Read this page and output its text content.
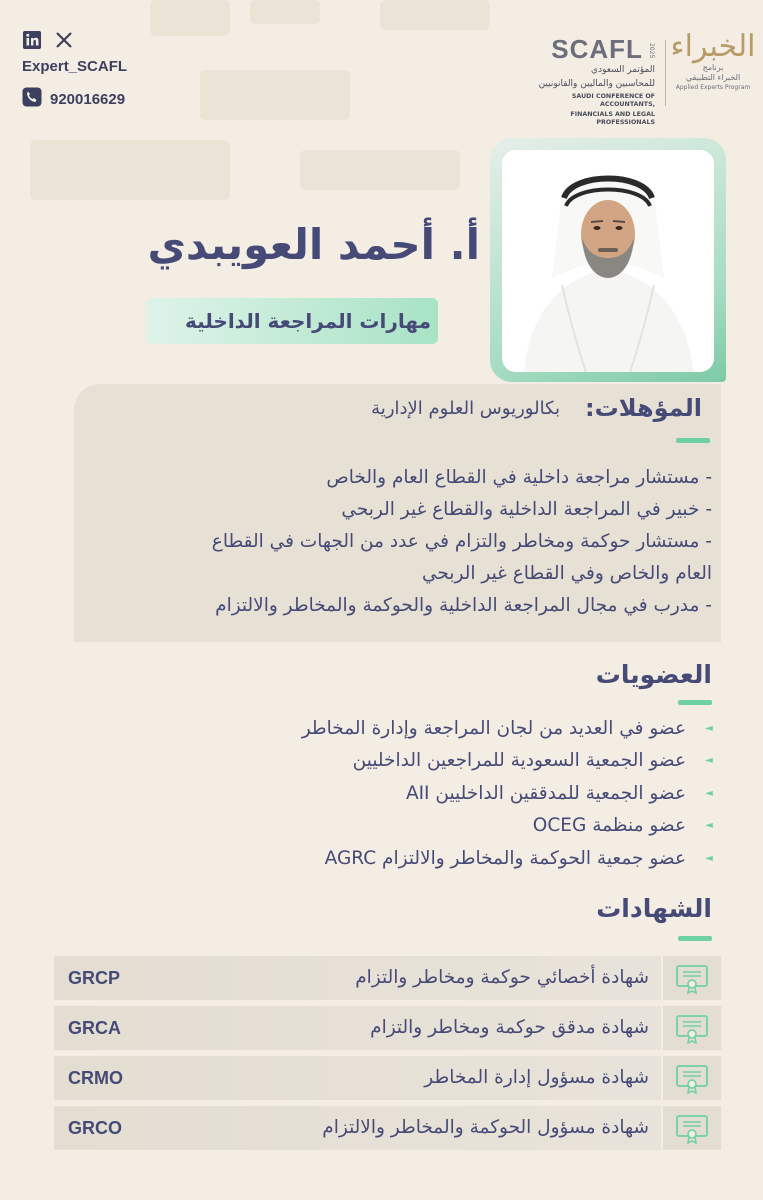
Expert_SCAFL
920016629
SCAFL 2025
المؤتمر السعودي
للمحاسبين والماليين والقانونيين
SAUDI CONFERENCE OF ACCOUNTANTS,
FINANCIALS AND LEGAL PROFESSIONALS
الخبراء
برنامج
الخبراء التطبيقي
Applied Experts Program
أ. أحمد العويبدي
مهارات المراجعة الداخلية
المؤهلات:
بكالوريوس العلوم الإدارية
- مستشار مراجعة داخلية في القطاع العام والخاص
- خبير في المراجعة الداخلية والقطاع غير الربحي
- مستشار حوكمة ومخاطر والتزام في عدد من الجهات في القطاع
العام والخاص وفي القطاع غير الربحي
- مدرب في مجال المراجعة الداخلية والحوكمة والمخاطر والالتزام
العضويات
◄
عضو في العديد من لجان المراجعة وإدارة المخاطر
◄
عضو الجمعية السعودية للمراجعين الداخليين
◄
عضو الجمعية للمدققين الداخليين AII
◄
عضو منظمة OCEG
◄
عضو جمعية الحوكمة والمخاطر والالتزام AGRC
الشهادات
شهادة أخصائي حوكمة ومخاطر والتزام
GRCP
شهادة مدقق حوكمة ومخاطر والتزام
GRCA
شهادة مسؤول إدارة المخاطر
CRMO
شهادة مسؤول الحوكمة والمخاطر والالتزام
GRCO
